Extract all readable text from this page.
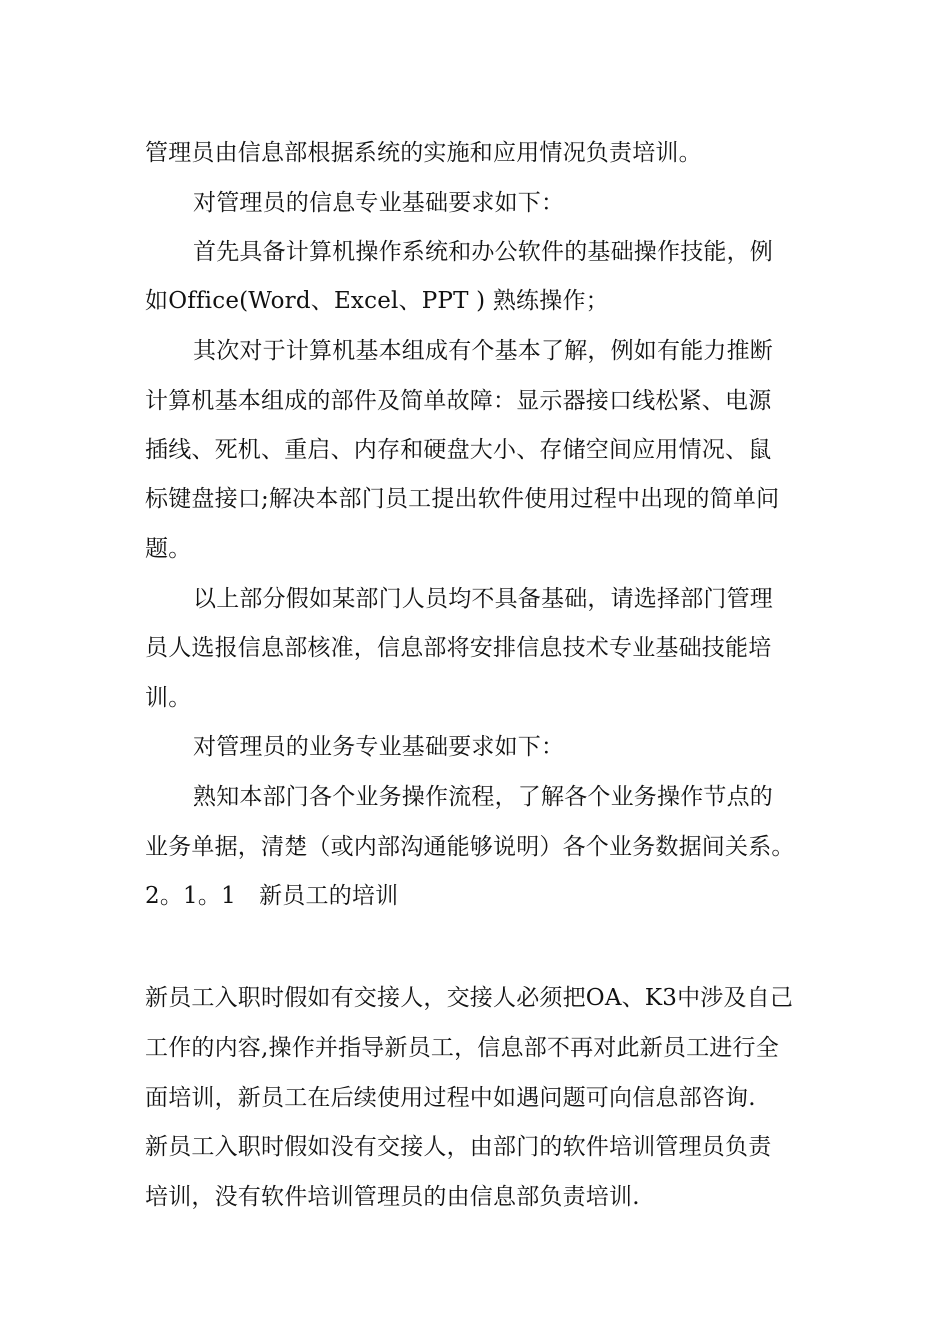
管理员由信息部根据系统的实施和应用情况负责培训。
对管理员的信息专业基础要求如下：
首先具备计算机操作系统和办公软件的基础操作技能，例
如Office(Word、Excel、PPT ) 熟练操作；
其次对于计算机基本组成有个基本了解，例如有能力推断
计算机基本组成的部件及简单故障：显示器接口线松紧、电源
插线、死机、重启、内存和硬盘大小、存储空间应用情况、鼠
标键盘接口;解决本部门员工提出软件使用过程中出现的简单问
题。
以上部分假如某部门人员均不具备基础，请选择部门管理
员人选报信息部核准，信息部将安排信息技术专业基础技能培
训。
对管理员的业务专业基础要求如下：
熟知本部门各个业务操作流程，了解各个业务操作节点的
业务单据，清楚（或内部沟通能够说明）各个业务数据间关系。
2。1。1　新员工的培训
新员工入职时假如有交接人，交接人必须把OA、K3中涉及自己
工作的内容,操作并指导新员工，信息部不再对此新员工进行全
面培训，新员工在后续使用过程中如遇问题可向信息部咨询.
新员工入职时假如没有交接人，由部门的软件培训管理员负责
培训，没有软件培训管理员的由信息部负责培训.
